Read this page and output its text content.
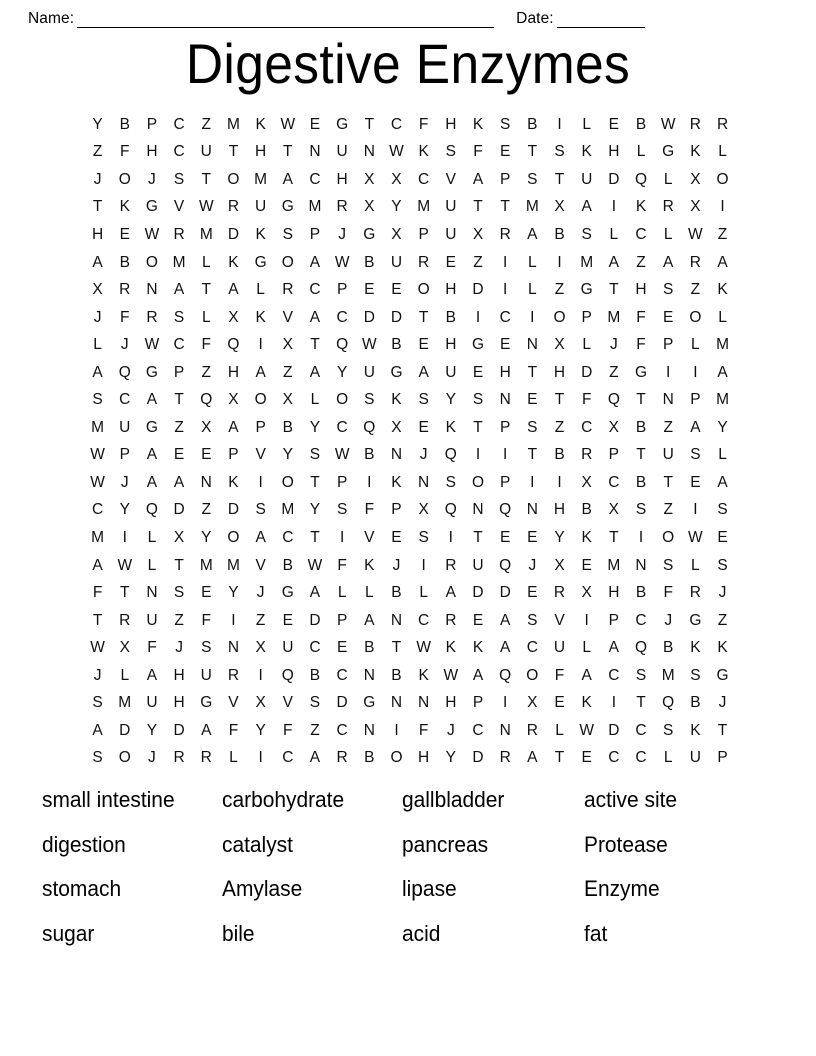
Name:	Date:
Digestive Enzymes
Y	B	P	C	Z	M	K W E	G	T	C	F	H	K	S	B	I	L	E	B W R	R
Z	F	H	C	U	T	H	T	N	U	N W K	S	F	E	T	S	K	H	L	G	K	L
J	O	J	S	T	O M	A	C	H	X	X	C	V	A	P	S	T	U	D	Q	L	X	O
T	K	G	V W R	U	G M R	X	Y	M U	T	T	M	X	A	I	K	R	X	I
H	E W R M D	K	S	P	J	G	X	P	U	X	R	A	B	S	L	C	L	W Z
A	B	O M	L	K	G O	A W B	U	R	E	Z	I	L	I	M	A	Z	A	R	A
X	R	N	A	T	A	L	R	C	P	E	E	O	H	D	I	L	Z	G	T	H	S	Z	K
J	F	R	S	L	X	K	V	A	C	D	D	T	B	I	C	I	O	P	M	F	E	O	L
L	J	W C	F	Q	I	X	T	Q W B	E	H	G	E	N	X	L	J	F	P	L	M
A	Q G	P	Z	H	A	Z	A	Y	U	G	A	U	E	H	T	H	D	Z	G	I	I	A
S	C	A	T	Q	X	O	X	L	O	S	K	S	Y	S	N	E	T	F	Q	T	N	P	M
M U	G	Z	X	A	P	B	Y	C	Q	X	E	K	T	P	S	Z	C	X	B	Z	A	Y
W P	A	E	E	P	V	Y	S W B	N	J	Q	I	I	T	B	R	P	T	U	S	L
W	J	A	A	N	K	I	O	T	P	I	K	N	S	O	P	I	I	X	C	B	T	E	A
C	Y	Q	D	Z	D	S	M	Y	S	F	P	X	Q	N	Q	N	H	B	X	S	Z	I	S
M	I	L	X	Y	O	A	C	T	I	V	E	S	I	T	E	E	Y	K	T	I	O W E
A W	L	T	M M	V	B W F	K	J	I	R	U	Q	J	X	E	M N	S	L	S
F	T	N	S	E	Y	J	G	A	L	L	B	L	A	D	D	E	R	X	H	B	F	R	J
T	R	U	Z	F	I	Z	E	D	P	A	N	C	R	E	A	S	V	I	P	C	J	G	Z
W X	F	J	S	N	X	U	C	E	B	T W K	K	A	C	U	L	A	Q	B	K	K
J	L	A	H	U	R	I	Q	B	C	N	B	K W A	Q O	F	A	C	S	M	S	G
S	M U	H	G	V	X	V	S	D	G	N	N	H	P	I	X	E	K	I	T	Q	B	J
A	D	Y	D	A	F	Y	F	Z	C	N	I	F	J	C	N	R	L	W D	C	S	K	T
S	O	J	R	R	L	I	C	A	R	B	O	H	Y	D	R	A	T	E	C	C	L	U	P
small intestine	carbohydrate	gallbladder	active site
digestion	catalyst	pancreas	Protease
stomach	Amylase	lipase	Enzyme
sugar	bile	acid	fat
